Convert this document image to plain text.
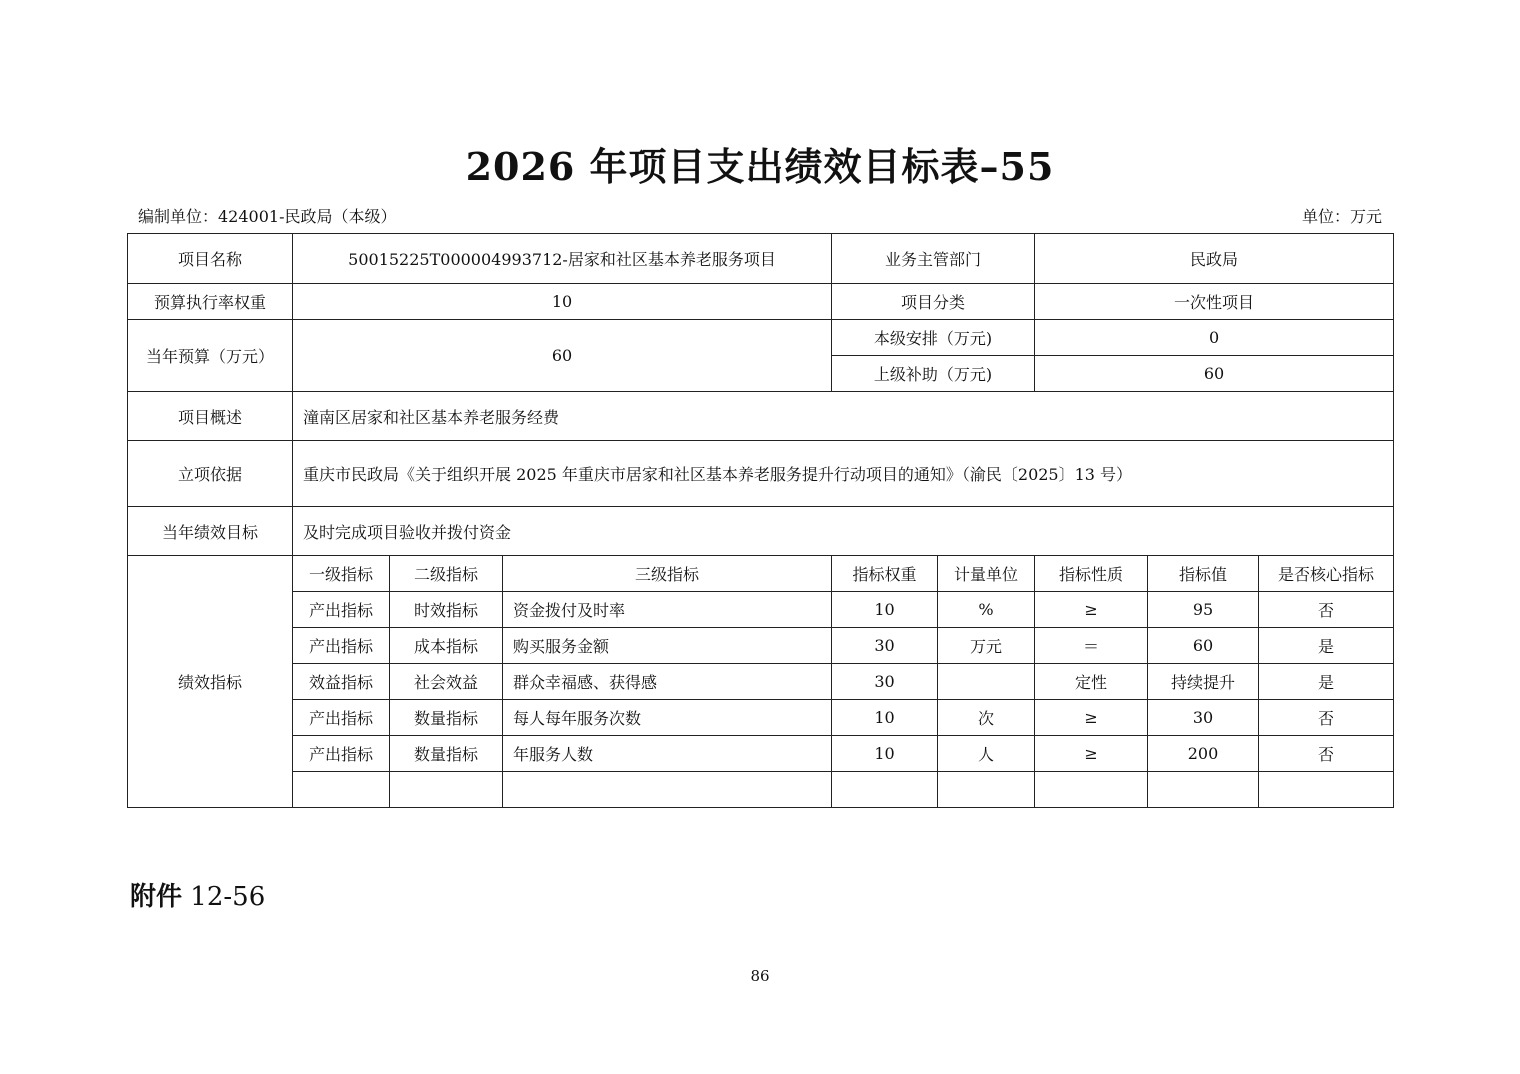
2026 年项目支出绩效目标表–55
编制单位：424001-民政局（本级）	单位：万元
项目名称	50015225T000004993712-居家和社区基本养老服务项目			业务主管部门		民政局		
预算执行率权重	10			项目分类		一次性项目		
当年预算（万元）	60			本级安排（万元)		0		
				上级补助（万元)		60		
项目概述	潼南区居家和社区基本养老服务经费							
立项依据	重庆市民政局《关于组织开展 2025 年重庆市居家和社区基本养老服务提升行动项目的通知》（渝民〔2025〕13 号）							
当年绩效目标	及时完成项目验收并拨付资金							
绩效指标	一级指标	二级指标	三级指标	指标权重	计量单位	指标性质	指标值	是否核心指标
	产出指标	时效指标	资金拨付及时率	10	%	≥	95	否
	产出指标	成本指标	购买服务金额	30	万元	＝	60	是
	效益指标	社会效益	群众幸福感、获得感	30		定性	持续提升	是
	产出指标	数量指标	每人每年服务次数	10	次	≥	30	否
	产出指标	数量指标	年服务人数	10	人	≥	200	否

附件 12-56
86
